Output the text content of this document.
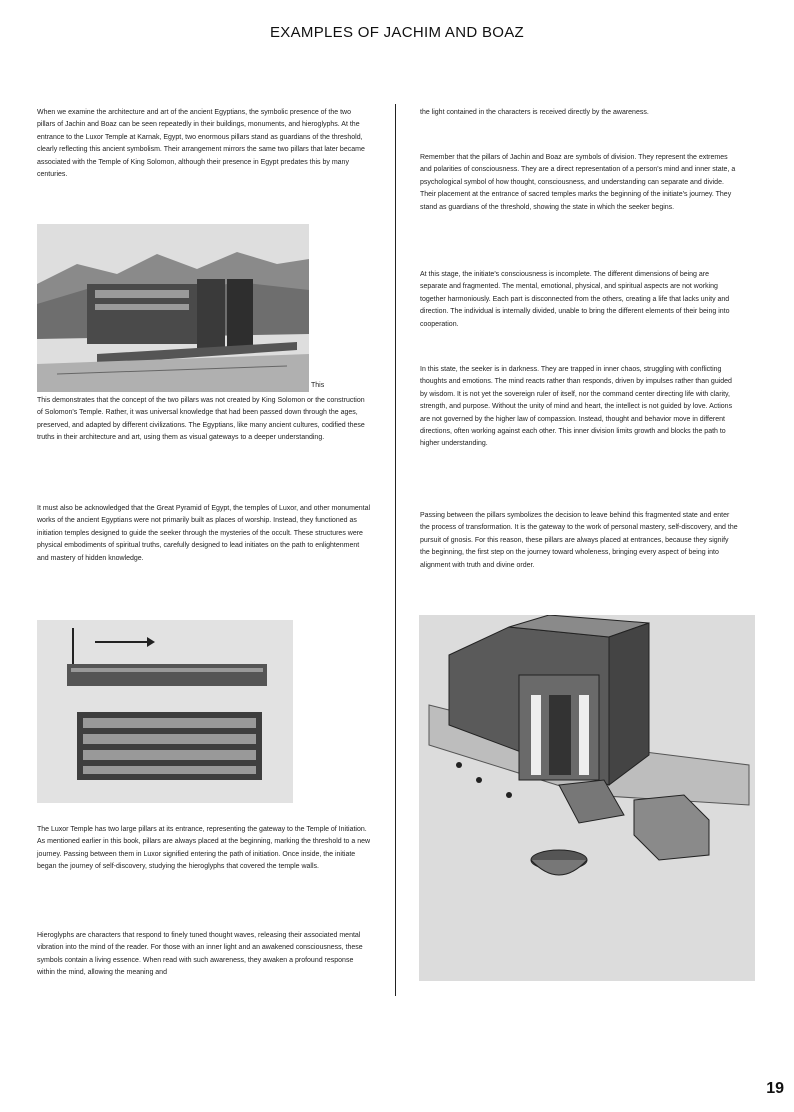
EXAMPLES OF JACHIM AND BOAZ

When we examine the architecture and art of the ancient Egyptians, the symbolic presence of the two pillars of Jachin and Boaz can be seen repeatedly in their buildings, monuments, and hieroglyphs. At the entrance to the Luxor Temple at Karnak, Egypt, two enormous pillars stand as guardians of the threshold, clearly reflecting this ancient symbolism. Their arrangement mirrors the same two pillars that later became associated with the Temple of King Solomon, although their presence in Egypt predates this by many centuries.

This

This demonstrates that the concept of the two pillars was not created by King Solomon or the construction of Solomon's Temple. Rather, it was universal knowledge that had been passed down through the ages, preserved, and adapted by different civilizations. The Egyptians, like many ancient cultures, codified these truths in their architecture and art, using them as visual gateways to a deeper understanding.

It must also be acknowledged that the Great Pyramid of Egypt, the temples of Luxor, and other monumental works of the ancient Egyptians were not primarily built as places of worship. Instead, they functioned as initiation temples designed to guide the seeker through the mysteries of the occult. These structures were physical embodiments of spiritual truths, carefully designed to lead initiates on the path to enlightenment and mastery of hidden knowledge.

The Luxor Temple has two large pillars at its entrance, representing the gateway to the Temple of Initiation. As mentioned earlier in this book, pillars are always placed at the beginning, marking the threshold to a new journey. Passing between them in Luxor signified entering the path of initiation. Once inside, the initiate began the journey of self-discovery, studying the hieroglyphs that covered the temple walls.

Hieroglyphs are characters that respond to finely tuned thought waves, releasing their associated mental vibration into the mind of the reader. For those with an inner light and an awakened consciousness, these symbols contain a living essence. When read with such awareness, they awaken a profound response within the mind, allowing the meaning and

the light contained in the characters is received directly by the awareness.

Remember that the pillars of Jachin and Boaz are symbols of division. They represent the extremes and polarities of consciousness. They are a direct representation of a person's mind and inner state, a psychological symbol of how thought, consciousness, and understanding can separate and divide. Their placement at the entrance of sacred temples marks the beginning of the initiate's journey. They stand as guardians of the threshold, showing the state in which the seeker begins.

At this stage, the initiate's consciousness is incomplete. The different dimensions of being are separate and fragmented. The mental, emotional, physical, and spiritual aspects are not working together harmoniously. Each part is disconnected from the others, creating a life that lacks unity and direction. The individual is internally divided, unable to bring the different elements of their being into cooperation.

In this state, the seeker is in darkness. They are trapped in inner chaos, struggling with conflicting thoughts and emotions. The mind reacts rather than responds, driven by impulses rather than guided by wisdom. It is not yet the sovereign ruler of itself, nor the command center directing life with clarity, strength, and purpose. Without the unity of mind and heart, the intellect is not guided by love. Actions are not governed by the higher law of compassion. Instead, thought and behavior move in different directions, often working against each other. This inner division limits growth and blocks the path to higher understanding.

Passing between the pillars symbolizes the decision to leave behind this fragmented state and enter the process of transformation. It is the gateway to the work of personal mastery, self-discovery, and the pursuit of gnosis. For this reason, these pillars are always placed at entrances, because they signify the beginning, the first step on the journey toward wholeness, bringing every aspect of being into alignment with truth and divine order.

19
